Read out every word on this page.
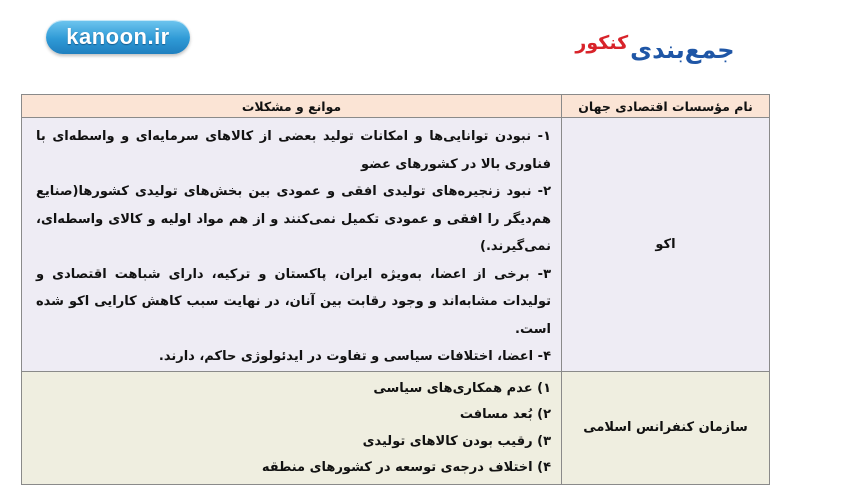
kanoon.ir	جمع‌بندی
کنکور
نام مؤسسات اقتصادی جهان	موانع و مشکلات
اکو	۱- نبودن توانایی‌ها و امکانات تولید بعضی از کالاهای سرمایه‌ای و واسطه‌ای با فناوری بالا در کشورهای عضو
۲- نبود زنجیره‌های تولیدی افقی و عمودی بین بخش‌های تولیدی کشورها(صنایع هم‌دیگر را افقی و عمودی تکمیل نمی‌کنند و از هم مواد اولیه و کالای واسطه‌ای، نمی‌گیرند.)
۳- برخی از اعضا، به‌ویژه ایران، پاکستان و ترکیه، دارای شباهت اقتصادی و تولیدات مشابه‌اند و وجود رقابت بین آنان، در نهایت سبب کاهش کارایی اکو شده است.
۴- اعضا، اختلافات سیاسی و تفاوت در ایدئولوژی حاکم، دارند.

سازمان کنفرانس اسلامی	۱) عدم همکاری‌های سیاسی
۲) بُعد مسافت
۳) رقیب بودن کالاهای تولیدی
۴) اختلاف درجه‌ی توسعه در کشورهای منطقه
